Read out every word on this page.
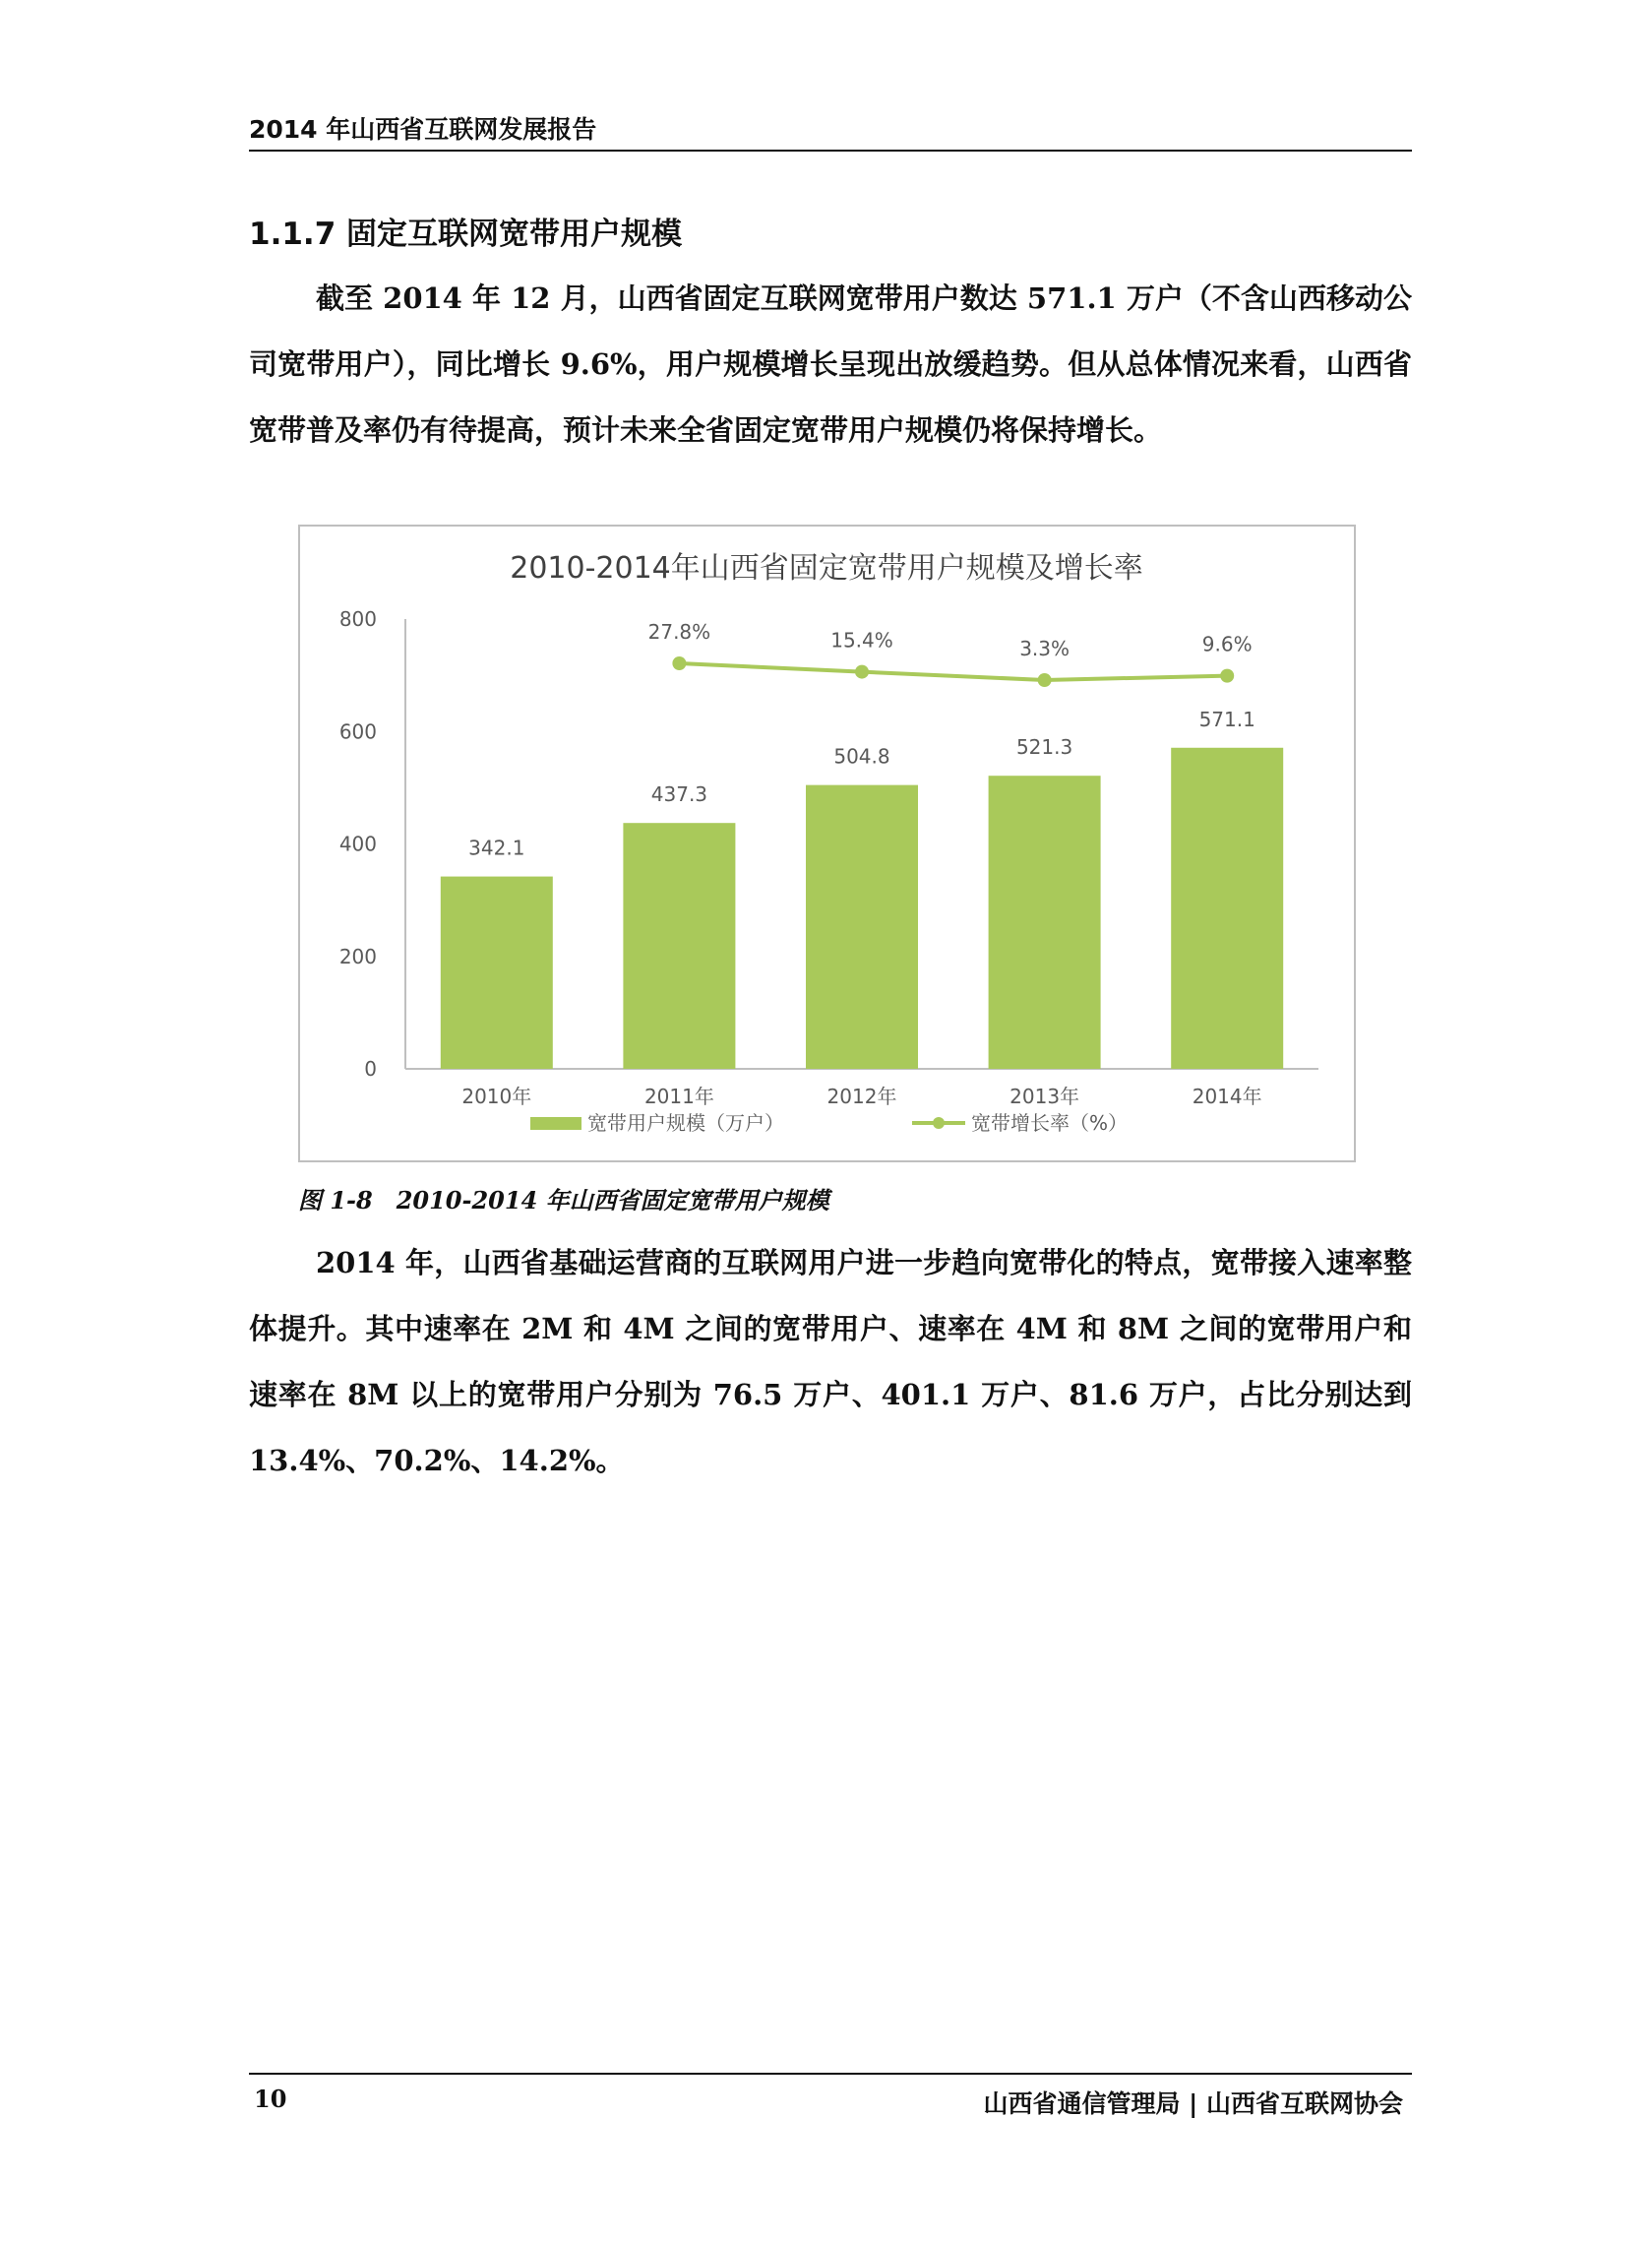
2014 年山西省互联网发展报告
1.1.7 固定互联网宽带用户规模
截至 2014 年 12 月，山西省固定互联网宽带用户数达 571.1 万户（不含山西移动公司宽带用户），同比增长 9.6%，用户规模增长呈现出放缓趋势。但从总体情况来看，山西省宽带普及率仍有待提高，预计未来全省固定宽带用户规模仍将保持增长。
2010-2014年山西省固定宽带用户规模及增长率
0
200
400
600
800
342.1
2010年
437.3
2011年
504.8
2012年
521.3
2013年
571.1
2014年
27.8%	15.4%	3.3%	9.6%
宽带用户规模（万户）	宽带增长率（%）
图 1-8　2010-2014 年山西省固定宽带用户规模
2014 年，山西省基础运营商的互联网用户进一步趋向宽带化的特点，宽带接入速率整体提升。其中速率在 2M 和 4M 之间的宽带用户、速率在 4M 和 8M 之间的宽带用户和速率在 8M 以上的宽带用户分别为 76.5 万户、401.1 万户、81.6 万户，占比分别达到 13.4%、70.2%、14.2%。
10	山西省通信管理局 | 山西省互联网协会
